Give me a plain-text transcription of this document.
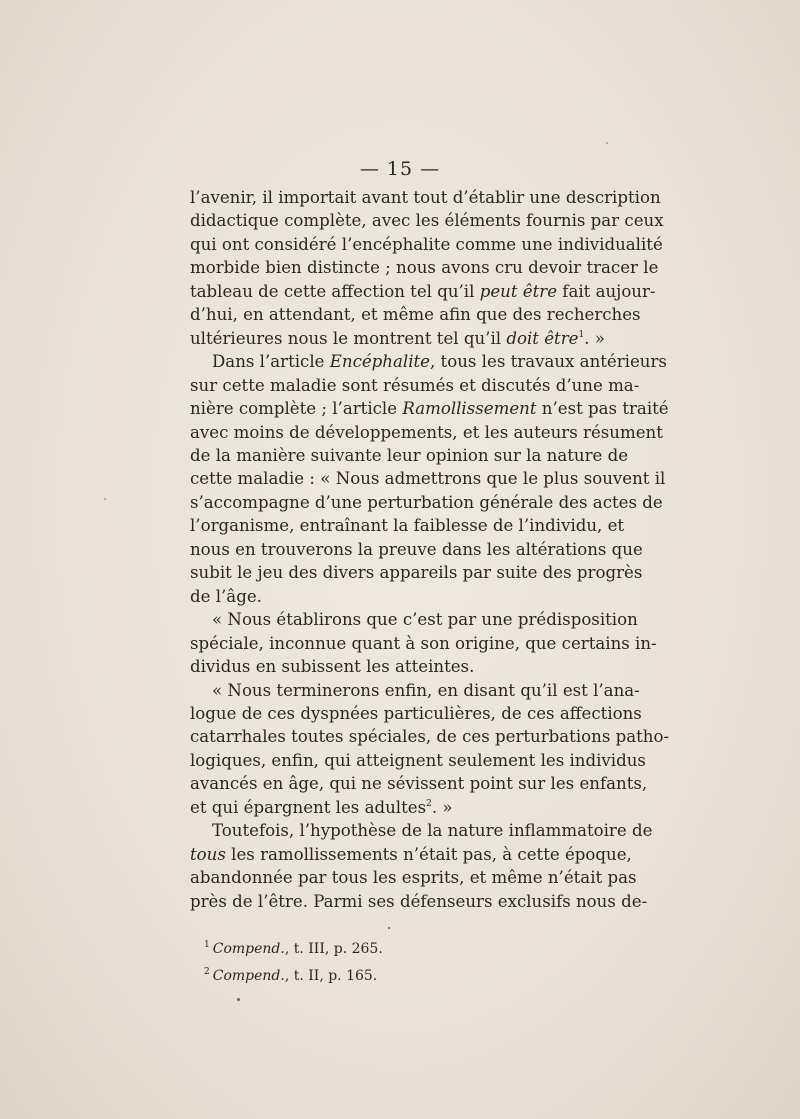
— 15 —

l’avenir, il importait avant tout d’établir une description
didactique complète, avec les éléments fournis par ceux
qui ont considéré l’encéphalite comme une individualité
morbide bien distincte ; nous avons cru devoir tracer le
tableau de cette affection tel qu’il peut être fait aujour-
d’hui, en attendant, et même afin que des recherches
ultérieures nous le montrent tel qu’il doit être$^1$. »

Dans l’article Encéphalite, tous les travaux antérieurs
sur cette maladie sont résumés et discutés d’une ma-
nière complète ; l’article Ramollissement n’est pas traité
avec moins de développements, et les auteurs résument
de la manière suivante leur opinion sur la nature de
cette maladie : « Nous admettrons que le plus souvent il
s’accompagne d’une perturbation générale des actes de
l’organisme, entraînant la faiblesse de l’individu, et
nous en trouverons la preuve dans les altérations que
subit le jeu des divers appareils par suite des progrès
de l’âge.

« Nous établirons que c’est par une prédisposition
spéciale, inconnue quant à son origine, que certains in-
dividus en subissent les atteintes.

« Nous terminerons enfin, en disant qu’il est l’ana-
logue de ces dyspnées particulières, de ces affections
catarrhales toutes spéciales, de ces perturbations patho-
logiques, enfin, qui atteignent seulement les individus
avancés en âge, qui ne sévissent point sur les enfants,
et qui épargnent les adultes$^2$. »

Toutefois, l’hypothèse de la nature inflammatoire de
tous les ramollissements n’était pas, à cette époque,
abandonnée par tous les esprits, et même n’était pas
près de l’être. Parmi ses défenseurs exclusifs nous de-

$^1$ Compend., t. III, p. 265.
$^2$ Compend., t. II, p. 165.
